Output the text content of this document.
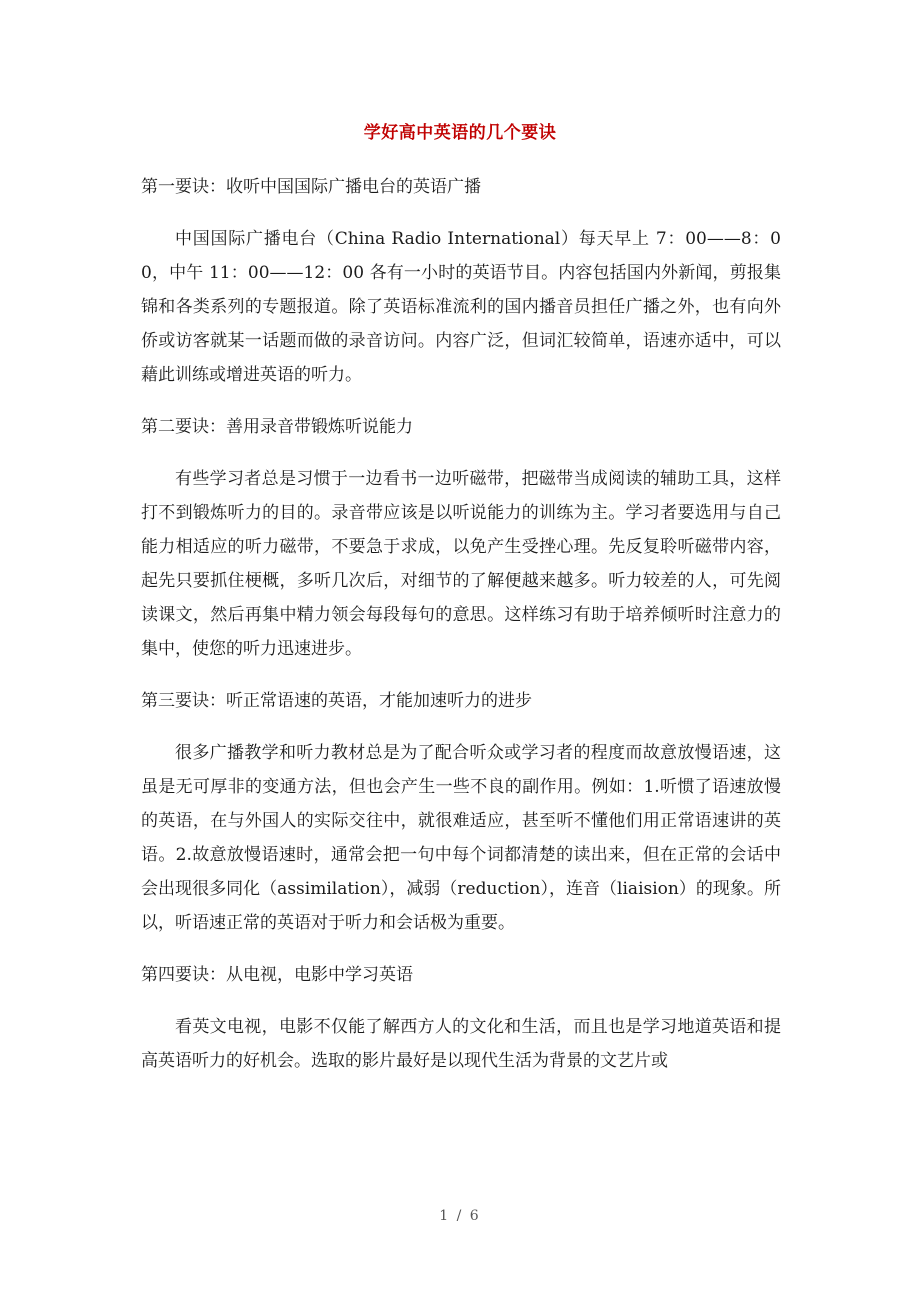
学好高中英语的几个要诀
第一要诀：收听中国国际广播电台的英语广播
中国国际广播电台（China Radio International）每天早上 7：00——8：00，中午 11：00——12：00 各有一小时的英语节目。内容包括国内外新闻，剪报集锦和各类系列的专题报道。除了英语标准流利的国内播音员担任广播之外，也有向外侨或访客就某一话题而做的录音访问。内容广泛，但词汇较简单，语速亦适中，可以藉此训练或增进英语的听力。
第二要诀：善用录音带锻炼听说能力
有些学习者总是习惯于一边看书一边听磁带，把磁带当成阅读的辅助工具，这样打不到锻炼听力的目的。录音带应该是以听说能力的训练为主。学习者要选用与自己能力相适应的听力磁带，不要急于求成，以免产生受挫心理。先反复聆听磁带内容，起先只要抓住梗概，多听几次后，对细节的了解便越来越多。听力较差的人，可先阅读课文，然后再集中精力领会每段每句的意思。这样练习有助于培养倾听时注意力的集中，使您的听力迅速进步。
第三要诀：听正常语速的英语，才能加速听力的进步
很多广播教学和听力教材总是为了配合听众或学习者的程度而故意放慢语速，这虽是无可厚非的变通方法，但也会产生一些不良的副作用。例如：1.听惯了语速放慢的英语，在与外国人的实际交往中，就很难适应，甚至听不懂他们用正常语速讲的英语。2.故意放慢语速时，通常会把一句中每个词都清楚的读出来，但在正常的会话中会出现很多同化（assimilation），减弱（reduction），连音（liaision）的现象。所以，听语速正常的英语对于听力和会话极为重要。
第四要诀：从电视，电影中学习英语
看英文电视，电影不仅能了解西方人的文化和生活，而且也是学习地道英语和提高英语听力的好机会。选取的影片最好是以现代生活为背景的文艺片或
1 / 6
